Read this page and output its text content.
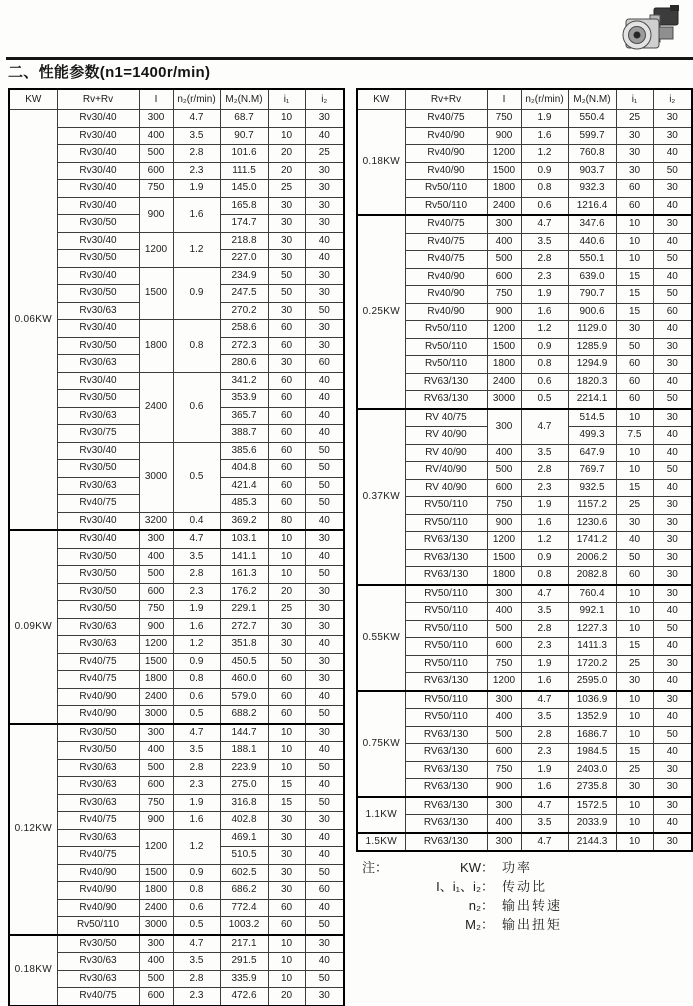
二、性能参数(n1=1400r/min)
KW	Rv+Rv	I	n₂(r/min)	M₂(N.M)	i₁	i₂
0.06KW	Rv30/40	300	4.7	68.7	10	30
	Rv30/40	400	3.5	90.7	10	40
	Rv30/40	500	2.8	101.6	20	25
	Rv30/40	600	2.3	111.5	20	30
	Rv30/40	750	1.9	145.0	25	30
	Rv30/40	900	1.6	165.8	30	30
	Rv30/50			174.7	30	30
	Rv30/40	1200	1.2	218.8	30	40
	Rv30/50			227.0	30	40
	Rv30/40	1500	0.9	234.9	50	30
	Rv30/50			247.5	50	30
	Rv30/63			270.2	30	50
	Rv30/40	1800	0.8	258.6	60	30
	Rv30/50			272.3	60	30
	Rv30/63			280.6	30	60
	Rv30/40	2400	0.6	341.2	60	40
	Rv30/50			353.9	60	40
	Rv30/63			365.7	60	40
	Rv30/75			388.7	60	40
	Rv30/40	3000	0.5	385.6	60	50
	Rv30/50			404.8	60	50
	Rv30/63			421.4	60	50
	Rv40/75			485.3	60	50
	Rv30/40	3200	0.4	369.2	80	40
0.09KW	Rv30/40	300	4.7	103.1	10	30
	Rv30/50	400	3.5	141.1	10	40
	Rv30/50	500	2.8	161.3	10	50
	Rv30/50	600	2.3	176.2	20	30
	Rv30/50	750	1.9	229.1	25	30
	Rv30/63	900	1.6	272.7	30	30
	Rv30/63	1200	1.2	351.8	30	40
	Rv40/75	1500	0.9	450.5	50	30
	Rv40/75	1800	0.8	460.0	60	30
	Rv40/90	2400	0.6	579.0	60	40
	Rv40/90	3000	0.5	688.2	60	50
0.12KW	Rv30/50	300	4.7	144.7	10	30
	Rv30/50	400	3.5	188.1	10	40
	Rv30/63	500	2.8	223.9	10	50
	Rv30/63	600	2.3	275.0	15	40
	Rv30/63	750	1.9	316.8	15	50
	Rv40/75	900	1.6	402.8	30	30
	Rv30/63	1200	1.2	469.1	30	40
	Rv40/75			510.5	30	40
	Rv40/90	1500	0.9	602.5	30	50
	Rv40/90	1800	0.8	686.2	30	60
	Rv40/90	2400	0.6	772.4	60	40
	Rv50/110	3000	0.5	1003.2	60	50
0.18KW	Rv30/50	300	4.7	217.1	10	30
	Rv30/63	400	3.5	291.5	10	40
	Rv30/63	500	2.8	335.9	10	50
	Rv40/75	600	2.3	472.6	20	30
KW	Rv+Rv	I	n₂(r/min)	M₂(N.M)	i₁	i₂
0.18KW	Rv40/75	750	1.9	550.4	25	30
	Rv40/90	900	1.6	599.7	30	30
	Rv40/90	1200	1.2	760.8	30	40
	Rv40/90	1500	0.9	903.7	30	50
	Rv50/110	1800	0.8	932.3	60	30
	Rv50/110	2400	0.6	1216.4	60	40
0.25KW	Rv40/75	300	4.7	347.6	10	30
	Rv40/75	400	3.5	440.6	10	40
	Rv40/75	500	2.8	550.1	10	50
	Rv40/90	600	2.3	639.0	15	40
	Rv40/90	750	1.9	790.7	15	50
	Rv40/90	900	1.6	900.6	15	60
	Rv50/110	1200	1.2	1129.0	30	40
	Rv50/110	1500	0.9	1285.9	50	30
	Rv50/110	1800	0.8	1294.9	60	30
	RV63/130	2400	0.6	1820.3	60	40
	RV63/130	3000	0.5	2214.1	60	50
0.37KW	RV 40/75	300	4.7	514.5	10	30
	RV 40/90			499.3	7.5	40
	RV 40/90	400	3.5	647.9	10	40
	RV/40/90	500	2.8	769.7	10	50
	RV 40/90	600	2.3	932.5	15	40
	RV50/110	750	1.9	1157.2	25	30
	RV50/110	900	1.6	1230.6	30	30
	RV63/130	1200	1.2	1741.2	40	30
	RV63/130	1500	0.9	2006.2	50	30
	RV63/130	1800	0.8	2082.8	60	30
0.55KW	RV50/110	300	4.7	760.4	10	30
	RV50/110	400	3.5	992.1	10	40
	RV50/110	500	2.8	1227.3	10	50
	RV50/110	600	2.3	1411.3	15	40
	RV50/110	750	1.9	1720.2	25	30
	RV63/130	1200	1.6	2595.0	30	40
0.75KW	RV50/110	300	4.7	1036.9	10	30
	RV50/110	400	3.5	1352.9	10	40
	RV63/130	500	2.8	1686.7	10	50
	RV63/130	600	2.3	1984.5	15	40
	RV63/130	750	1.9	2403.0	25	30
	RV63/130	900	1.6	2735.8	30	30
1.1KW	RV63/130	300	4.7	1572.5	10	30
	RV63/130	400	3.5	2033.9	10	40
1.5KW	RV63/130	300	4.7	2144.3	10	30
注：	KW： 功率
I、i₁、i₂： 传动比
n₂： 输出转速
M₂： 输出扭矩
